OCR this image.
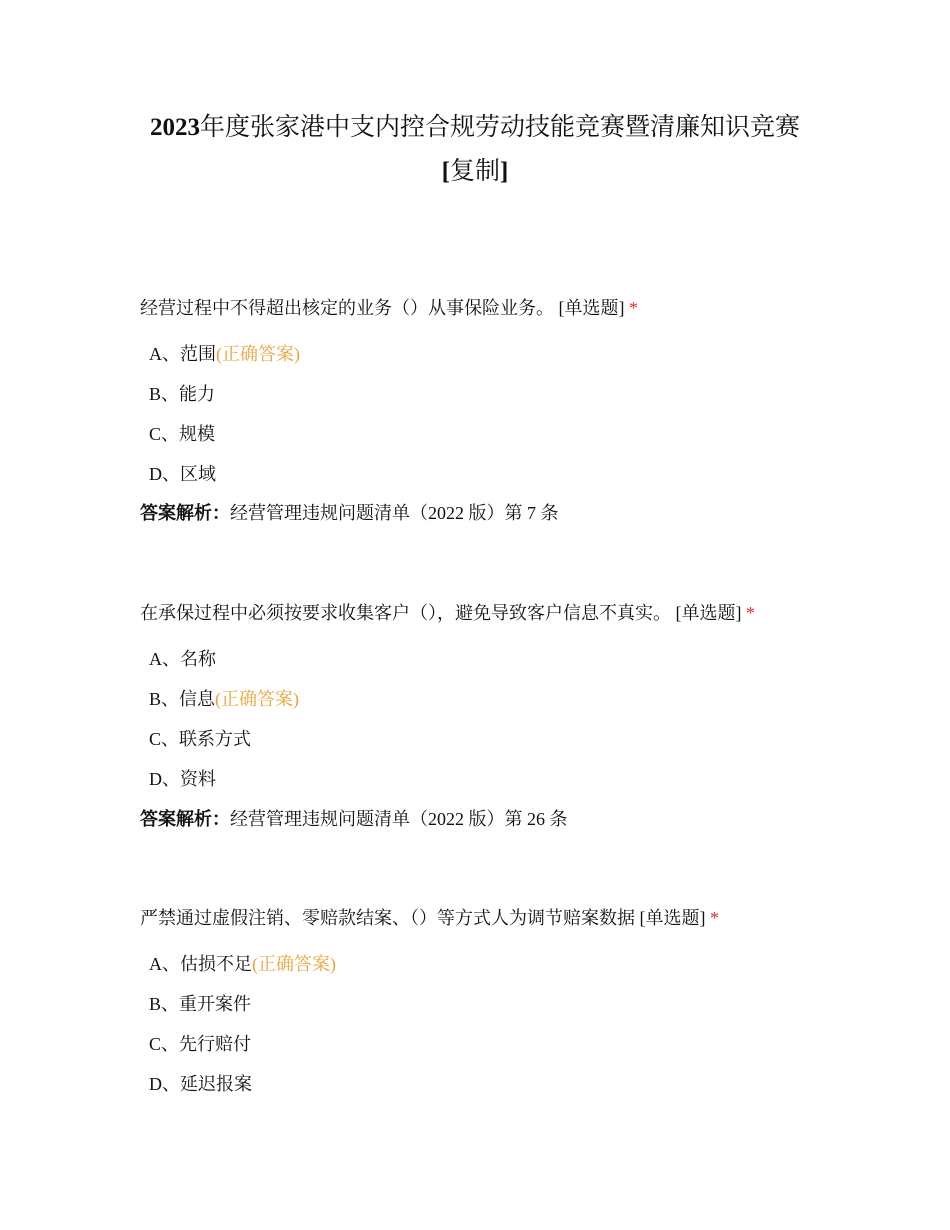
2023年度张家港中支内控合规劳动技能竞赛暨清廉知识竞赛
[复制]
经营过程中不得超出核定的业务（）从事保险业务。 [单选题] *
A、范围(正确答案)
B、能力
C、规模
D、区域
答案解析：经营管理违规问题清单（2022 版）第 7 条
在承保过程中必须按要求收集客户（），避免导致客户信息不真实。 [单选题] *
A、名称
B、信息(正确答案)
C、联系方式
D、资料
答案解析：经营管理违规问题清单（2022 版）第 26 条
严禁通过虚假注销、零赔款结案、（）等方式人为调节赔案数据 [单选题] *
A、估损不足(正确答案)
B、重开案件
C、先行赔付
D、延迟报案
